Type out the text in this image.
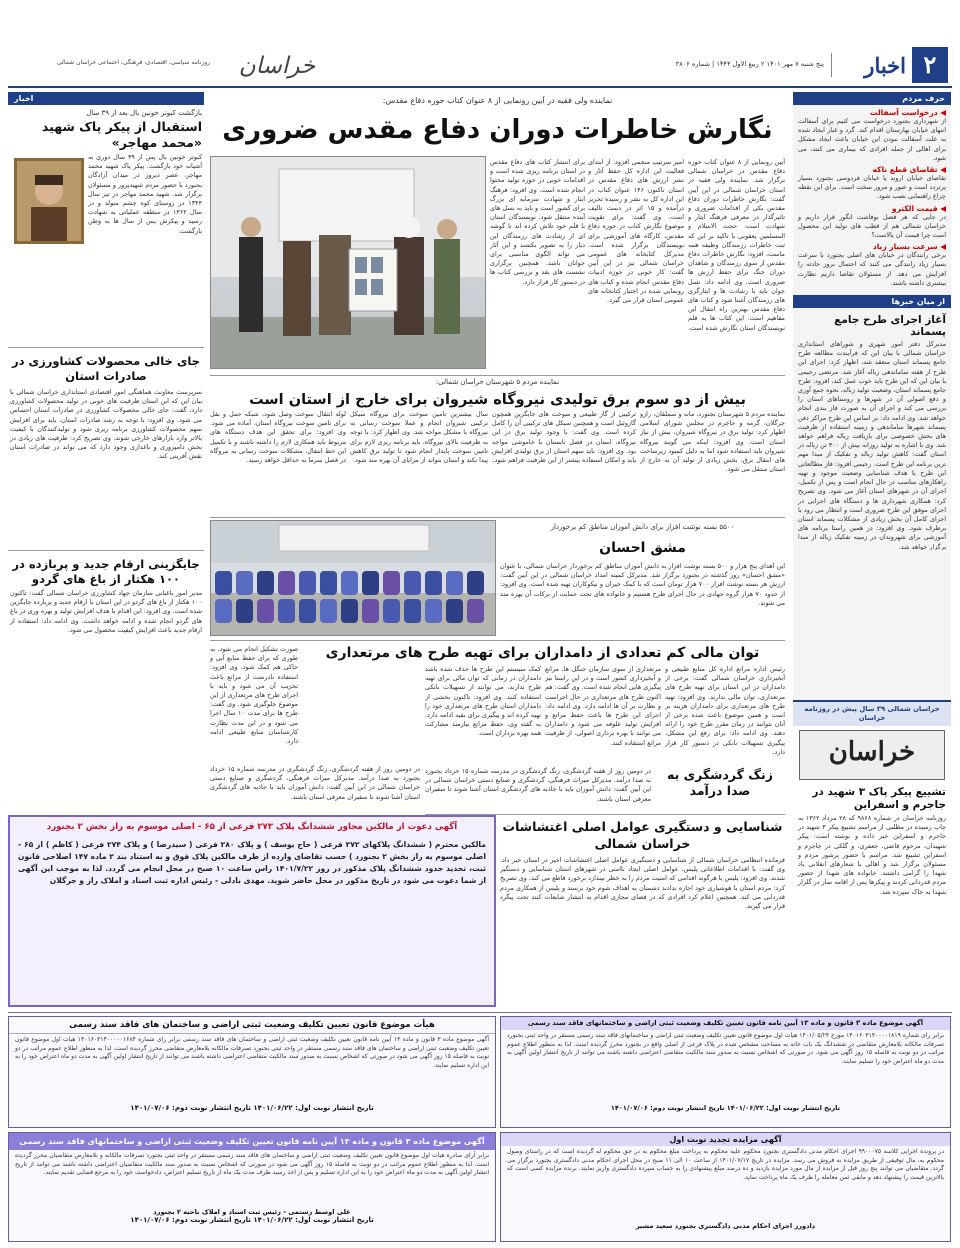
۲
اخبار
پنج شنبه ۷ مهر ۱۴۰۱ ۲ ربیع الاول ۱۴۴۴ | شماره ۳۸۰۶
خراسان
روزنامه سیاسی، اقتصادی، فرهنگی، اجتماعی خراسان شمالی
حرف مردم
◀ درخواست آسفالت
از شهرداری بجنورد درخواست می کنیم برای آسفالت انتهای خیابان بهارستان اقدام کند. گرد و غبار ایجاد شده به علت آسفالت نبودن این خیابان باعث ایجاد مشکل برای اهالی از جمله افرادی که بیماری می کنند، می شود.
◀ تقاضای قطع ناکه
تقاضای خیابان اروند یا خیابان فردوسی بجنورد بسیار پرتردد است و عبور و مرور سخت است. برای این نقطه چراغ راهنمایی نصب شود.
◀ قیمت الکترو
در جایی که هر فصل بوفاشت انگور قرار داریم و خراسان شمالی هم از قطب های تولید این محصول است چرا قیمت آن بالاست؟
◀ سرعت بسیار زیاد
برخی رانندگان در خیابان های اصلی بجنورد با سرعت بسیار زیاد رانندگی می کنند که احتمال بروز حادثه را افزایش می دهد. از مسئولان تقاضا داریم نظارت بیشتری داشته باشند.
از میان خبرها
آغاز اجرای طرح جامع پسماند
مدیرکل دفتر امور شهری و شوراهای استانداری خراسان شمالی با بیان این که فرآیندت مطالعه طرح جامع پسماند استان منعقد شد، اظهار کرد: اجرای این طرح از هفته ساماندهی زباله آغاز شد. مرتضی رحیمی با بیان این که این طرح باید خوب عمل کند، افزود: طرح جامع پسماند استان، وضعیت تولید زباله، نحوه جمع آوری و دفع اصولی آن در شهرها و روستاهای استان را بررسی می کند و اجرای آن به صورت فاز بندی انجام خواهد شد. وی ادامه داد: بر اساس این طرح مراکز دفن پسماند شهرها ساماندهی و زمینه استفاده از ظرفیت های بخش خصوصی برای بازیافت زباله فراهم خواهد شد. وی با اشاره به تولید روزانه بیش از ۳۰۰ تن زباله در استان گفت: کاهش تولید زباله و تفکیک از مبدا مهم ترین برنامه این طرح است. رحیمی افزود: فاز مطالعاتی این طرح با هدف شناسایی وضعیت موجود و تهیه راهکارهای مناسب در حال انجام است و پس از تکمیل، اجرای آن در شهرهای استان آغاز می شود. وی تصریح کرد: همکاری شهرداری ها و دستگاه های اجرایی در اجرای موفق این طرح ضروری است و انتظار می رود با اجرای کامل آن بخش زیادی از مشکلات پسماند استان برطرف شود. وی افزود: در همین راستا برنامه های آموزشی برای شهروندان در زمینه تفکیک زباله از مبدا برگزار خواهد شد.
خراسان شمالی ۳۹ سال پیش در روزنامه خراسان
خراسان
تشییع پیکر پاک ۳ شهید در جاجرم و اسفراین
روزنامه خراسان در شماره ۹۸۶۸ که ۲۸ مرداد ۱۳۶۲ به چاپ رسیده در مطلبی از مراسم تشییع پیکر ۳ شهید در جاجرم و اسفراین خبر داده و نوشته است: پیکر شهیدان، مرحوم قاضی، جعفری، و گلکی در جاجرم و اسفراین تشییع شد. مراسم با حضور پرشور مردم و مسئولان برگزار شد و اهالی با شعارهای انقلابی یاد شهدا را گرامی داشتند. خانواده های شهدا از حضور مردم قدردانی کردند و پیکرها پس از اقامه نماز در گلزار شهدا به خاک سپرده شد.
نماینده ولی فقیه در آیین رونمایی از ۸ عنوان کتاب حوزه دفاع مقدس:
نگارش خاطرات دوران دفاع مقدس ضروری
آیین رونمایی از ۸ عنوان کتاب حوزه دفاع مقدس در خراسان شمالی برگزار شد. نماینده ولی فقیه در استان خراسان شمالی در این آیین گفت: نگارش خاطرات دوران دفاع مقدس یکی از اقدامات ضروری و تاثیرگذار در معرفی فرهنگ ایثار و شهادت است. حجت الاسلام و المسلمین یعقوبی با تاکید بر این که ثبت خاطرات رزمندگان وظیفه همه ماست، افزود: نگارش خاطرات دفاع مقدس از سوی رزمندگان و شاهدان دوران جنگ برای حفظ ارزش ها ضروری است. وی ادامه داد: نسل جوان باید با رشادت ها و ایثارگری های رزمندگان آشنا شود و کتاب های دفاع مقدس بهترین راه انتقال این مفاهیم است. این کتاب ها به قلم نویسندگان استان نگارش شده است.
امیر سرتیپ منجمی افزود: از ابتدای فعالیت این اداره کل حفظ آثار و نشر ارزش های دفاع مقدس در استان تاکنون ۱۴۶ عنوان کتاب در این اداره کل به نشر و رسیده تحریر درآمده و ۱۵ اثر در دست تالیف است. وی گفت: برای تقویت موضوع نگارش کتاب در حوزه دفاع مقدس، کارگاه های آموزشی برای نویسندگان برگزار شده است. مدیرکل کتابخانه های عمومی خراسان شمالی نیز در این آیین گفت: کار خوبی در حوزه ادبیات دفاع مقدس انجام شده و کتاب های رونمایی شده در اختیار کتابخانه های عمومی استان قرار می گیرد.
برای انتشار کتاب های دفاع مقدس در استان برنامه ریزی شده است و اقدامات خوبی در حوزه تولید محتوا انجام شده است. وی افزود: فرهنگ ایثار و شهادت سرمایه ای بزرگ برای کشور است و باید به نسل های آینده منتقل شود. نویسندگان استان با قلم خود تلاش کرده اند تا گوشه ای از رشادت های رزمندگان این دیار را به تصویر بکشند و این آثار می تواند الگوی مناسبی برای جوانان باشد. همچنین برگزاری نشست های نقد و بررسی کتاب ها در دستور کار قرار دارد.
نماینده مردم ۵ شهرستان خراسان شمالی:
بیش از دو سوم برق تولیدی نیروگاه شیروان برای خارج از استان است
نماینده مردم ۵ شهرستان بجنورد، مانه و سملقان، رازو جرگلان، گرمه و جاجرم در مجلس شورای اسلامی اظهار کرد: تولید برق در نیروگاه شیروان، بیش از نیاز استان است. وی افزود: اینکه می گویند نیروگاه شیروان باید استفاده شود اما به دلیل کمبود زیرساخت های انتقال برق، بخش زیادی از تولید آن به خارج از استان منتقل می شود.
ترکیبی از گاز طبیعی و سوخت های جایگزین همچون گازوئیل است و همچنین سیکل های ترکیبی آن را کامل کرده است. وی گفت: با وجود تولید برق در این نیروگاه، استان در فصل تابستان با خاموشی مواجه بود. وی افزود: باید سهم استان از برق تولیدی افزایش یابد و امکان استفاده بیشتر از این ظرفیت فراهم شود.
سال بیشترین تامین سوخت برای نیروگاه سیکل ترکیبی شیروان انجام و عملا سوخت رسانی به نیروگاه با مشکل مواجه شد. وی اظهار کرد: با توجه به ظرفیت بالای نیروگاه، باید برنامه ریزی لازم برای تامین سوخت پایدار انجام شود تا تولید برق کاهش پیدا نکند و استان بتواند از مزایای آن بهره مند شود.
لوله انتقال سوخت وصل شود، شبکه حمل و نقل برای تامین سوخت نیروگاه استان، آماده می شود. وی افزود: برای تحقق این هدف دستگاه های مربوط باید همکاری لازم را داشته باشند و با تکمیل این خط انتقال، مشکلات سوخت رسانی به نیروگاه در فصل سرما به حداقل خواهد رسید.
۵۵۰۰ بسته نوشت افزار برای دانش آموزان مناطق کم برخوردار
مشق احسان
این اهدای پنج هزار و ۵۰۰ بسته نوشت افزار به دانش آموزان مناطق کم برخوردار خراسان شمالی، با عنوان «مشق احسان» روز گذشته در بجنورد برگزار شد. مدیرکل کمیته امداد خراسان شمالی در این آیین گفت: ارزش هر بسته نوشت افزار ۷۰۰ هزار تومان است که با کمک خیران و نیکوکاران تهیه شده است. وی افزود: از حدود ۷۰ هزار گروه جهادی در حال اجرای طرح هستیم و خانواده های تحت حمایت از برکات آن بهره مند می شوند.
توان مالی کم تعدادی از دامداران برای تهیه طرح های مرتعداری
رئیس اداره مراتع اداره کل منابع طبیعی و آبخیزداری خراسان شمالی گفت: برخی از دامداران در این استان برای تهیه طرح های مرتعداری، توان مالی ندارند. وی افزود: تهیه طرح های مرتعداری برای دامداران هزینه بر است و همین موضوع باعث شده برخی از آنان نتوانند در زمان مقرر طرح خود را ارائه دهند. وی ادامه داد: برای رفع این مشکل، پیگیری تسهیلات بانکی در دستور کار قرار دارد.
مرتعداری از سوی سازمان جنگل ها، مراتع و آبخیزداری کشور است و در این راستا نیز پیگیری هایی انجام شده است. وی گفت: هم اکنون طرح های مرتعداری در حال اجراست و نظارت بر آن ها ادامه دارد. وی ادامه داد: اجرای این طرح ها باعث حفظ مراتع و افزایش تولید علوفه می شود و دامداران می توانند با بهره برداری اصولی، از ظرفیت مراتع استفاده کنند.
کمک سیستم این طرح ها حذف شده باشد دامداران در زمانی که توان مالی برای تهیه طرح ندارند، می توانند از تسهیلات بانکی استفاده کنند. وی افزود: تاکنون بخشی از دامداران استان طرح های مرتعداری خود را تهیه کرده اند و پیگیری برای بقیه ادامه دارد. به گفته وی، حفظ مراتع نیازمند مشارکت همه بهره برداران است.
صورت تشکیل انجام می شود، به طوری که برای حفظ منابع آبی و خاکی هم کمک شود. وی افزود: استفاده نادرست از مراتع باعث تخریب آن می شود و باید با اجرای طرح های مرتعداری از این موضوع جلوگیری شود. وی گفت: طرح ها برای مدت ۱۰ سال اجرا می شود و در این مدت نظارت کارشناسان منابع طبیعی ادامه دارد.
زنگ گردشگری به صدا درآمد
در دومین روز از هفته گردشگری، زنگ گردشگری در مدرسه شماره ۱۵ خرداد بجنورد به صدا درآمد. مدیرکل میراث فرهنگی، گردشگری و صنایع دستی خراسان شمالی در این آیین گفت: دانش آموزان باید با جاذبه های گردشگری استان آشنا شوند تا سفیران معرفی استان باشند.
در دومین روز از هفته گردشگری، زنگ گردشگری در مدرسه شماره ۱۵ خرداد بجنورد به صدا درآمد. مدیرکل میراث فرهنگی، گردشگری و صنایع دستی خراسان شمالی در این آیین گفت: دانش آموزان باید با جاذبه های گردشگری استان آشنا شوند تا سفیران معرفی استان باشند.
شناسایی و دستگیری عوامل اصلی اغتشاشات خراسان شمالی
فرمانده انتظامی خراسان شمالی از شناسایی و دستگیری عوامل اصلی اغتشاشات اخیر در استان خبر داد. وی گفت: با اقدامات اطلاعاتی پلیس، عوامل اصلی ایجاد ناامنی در شهرهای استان شناسایی و دستگیر شدند. وی افزود: پلیس با هرگونه اقدامی که امنیت مردم را به خطر بیندازد برخورد قاطع می کند. وی تصریح کرد: مردم استان با هوشیاری خود اجازه ندادند دشمنان به اهداف شوم خود برسند و پلیس از همکاری مردم قدردانی می کند. همچنین اعلام کرد افرادی که در فضای مجازی اقدام به انتشار شایعات کنند تحت پیگرد قرار می گیرند.
آگهی دعوت از مالکین مجاور ششدانگ پلاک ۲۷۳ فرعی از ۶۵ - اصلی موسوم به راز بخش ۲ بجنورد
مالکین محترم ( ششدانگ پلاکهای ۲۷۲ فرعی ( حاج یوسف ) و پلاک ۲۸۰ فرعی ( سیدرضا ) و پلاک ۲۷۴ فرعی ( کاظم ) از ۶۵ - اصلی موسوم به راز بخش ۲ بجنورد ) حسب تقاضای وارده از طرف مالکین پلاک فوق و به استناد بند ۲ ماده ۱۴۷ اصلاحی قانون ثبت، تحدید حدود ششدانگ پلاک مذکور در روز ۱۴۰۱/۷/۲۲ راس ساعت ۱۰ صبح در محل انجام می گردد. لذا به موجب این آگهی از شما دعوت می شود در تاریخ مذکور در محل حاضر شوید. مهدی بادلی - رئیس اداره ثبت اسناد و املاک راز و جرگلان
اخبار
بازگشت کبوتر خونین بال بعد از ۳۹ سال
استقبال از پیکر پاک شهید «محمد مهاجر»
کبوتر خونین بال پس از ۳۹ سال دوری به آشیانه خود بازگشت. پیکر پاک شهید محمد مهاجر، عصر دیروز در میدان آزادگان بجنورد با حضور مردم شهیدپرور و مسئولان برگزار شد. شهید محمد مهاجر در تیر سال ۱۳۴۴ در روستای کوه چشم متولد و در سال ۱۳۶۲ در منطقه عملیاتی به شهادت رسید و پیکرش پس از سال ها به وطن بازگشت.
جای خالی محصولات کشاورزی در صادرات استان
سرپرست معاونت هماهنگی امور اقتصادی استانداری خراسان شمالی با بیان این که این استان ظرفیت های خوبی در تولید محصولات کشاورزی دارد، گفت: جای خالی محصولات کشاورزی در صادرات استان احساس می شود. وی افزود: با توجه به رشد صادرات استان، باید برای افزایش سهم محصولات کشاورزی برنامه ریزی شود و تولیدکنندگان با کیفیت بالاتر وارد بازارهای خارجی شوند. وی تصریح کرد: ظرفیت های زیادی در بخش دامپروری و باغداری وجود دارد که می تواند در صادرات استان نقش آفرینی کند.
جایگزینی ارقام جدید و پربازده در ۱۰۰ هکتار از باغ های گردو
مدیر امور باغبانی سازمان جهاد کشاورزی خراسان شمالی گفت: تاکنون ۱۰۰ هکتار از باغ های گردو در این استان با ارقام جدید و پربازده جایگزین شده است. وی افزود: این اقدام با هدف افزایش تولید و بهره وری در باغ های گردو انجام شده و ادامه خواهد داشت. وی ادامه داد: استفاده از ارقام جدید باعث افزایش کیفیت محصول می شود.
هیأت موضوع قانون تعیین تکلیف وضعیت ثبتی اراضی و ساختمان های فاقد سند رسمی
آگهی موضوع ماده ۳ قانون و ماده ۱۳ آیین نامه قانون تعیین تکلیف وضعیت ثبتی اراضی و ساختمان های فاقد سند رسمی برابر رای شماره ۱۴۰۱۶۰۳۱۴۰۰۰۰۰۱۶۸۴ هیات اول موضوع قانون تعیین تکلیف وضعیت ثبتی اراضی و ساختمان های فاقد سند رسمی مستقر در واحد ثبتی بجنورد تصرفات مالکانه بلامعارض متقاضی محرز گردیده است. لذا به منظور اطلاع عموم مراتب در دو نوبت به فاصله ۱۵ روز آگهی می شود در صورتی که اشخاص نسبت به صدور سند مالکیت متقاضی اعتراضی داشته باشند می توانند از تاریخ انتشار اولین آگهی به مدت دو ماه اعتراض خود را به این اداره تسلیم نمایند.
تاریخ انتشار نوبت اول: ۱۴۰۱/۰۶/۲۲ تاریخ انتشار نوبت دوم: ۱۴۰۱/۰۷/۰۶
آگهی موضوع ماده ۳ قانون و ماده ۱۳ آیین نامه قانون تعیین تکلیف وضعیت ثبتی اراضی و ساختمانهای فاقد سند رسمی
برابر آرای صادره هیات اول موضوع قانون تعیین تکلیف وضعیت ثبتی اراضی و ساختمان های فاقد سند رسمی مستقر در واحد ثبتی بجنورد تصرفات مالکانه و بلامعارض متقاضیان محرز گردیده است. لذا به منظور اطلاع عموم مراتب در دو نوبت به فاصله ۱۵ روز آگهی می شود در صورتی که اشخاص نسبت به صدور سند مالکیت متقاضیان اعتراضی داشته باشند می توانند از تاریخ انتشار اولین آگهی به مدت دو ماه اعتراض خود را به این اداره تسلیم و پس از اخذ رسید ظرف مدت یک ماه از تاریخ تسلیم اعتراض، دادخواست خود را به مرجع قضایی تقدیم نمایند.
علی اوسط رستمی - رئیس ثبت اسناد و املاک ناحیه ۲ بجنورد
تاریخ انتشار نوبت اول: ۱۴۰۱/۰۶/۲۲ تاریخ انتشار نوبت دوم: ۱۴۰۱/۰۷/۰۶
آگهی موضوع ماده ۳ قانون و ماده ۱۳ آیین نامه قانون تعیین تکلیف وضعیت ثبتی اراضی و ساختمانهای فاقد سند رسمی
برابر رای شماره ۱۴۰۱۶۰۳۱۴۰۰۰۰۱۸۱۹ مورخ ۱۴۰۱/۰۵/۲۴ هیات اول موضوع قانون تعیین تکلیف وضعیت ثبتی اراضی و ساختمانهای فاقد سند رسمی مستقر در واحد ثبتی بجنورد تصرفات مالکانه بلامعارض متقاضی در ششدانگ یک باب خانه به مساحت مشخص شده در پلاک فرعی از اصلی واقع در بجنورد محرز گردیده است. لذا به منظور اطلاع عموم مراتب در دو نوبت به فاصله ۱۵ روز آگهی می شود. در صورتی که اشخاص نسبت به صدور سند مالکیت متقاضی اعتراضی داشته باشند می توانند از تاریخ انتشار اولین آگهی به مدت دو ماه اعتراض خود را تسلیم نمایند.
تاریخ انتشار نوبت اول: ۱۴۰۱/۰۶/۲۲ تاریخ انتشار نوبت دوم: ۱۴۰۱/۰۷/۰۶
آگهی مزایده تجدید نوبت اول
در پرونده اجرایی کلاسه ۹۹۰۰۰۷۵ اجرای احکام مدنی دادگستری بجنورد محکوم علیه محکوم به پرداخت مبلغ محکوم به در حق محکوم له گردیده است که در راستای وصول محکوم به، مال توقیفی از طریق مزایده به فروش می رسد. مزایده در تاریخ ۱۴۰۱/۰۷/۱۷ از ساعت ۱۰ الی ۱۱ صبح در محل اجرای احکام مدنی دادگستری بجنورد برگزار می گردد. متقاضیان می توانند پنج روز قبل از مزایده از مال مورد مزایده بازدید و ده درصد مبلغ پیشنهادی را به حساب سپرده دادگستری واریز نمایند. برنده مزایده کسی است که بالاترین قیمت را پیشنهاد دهد و مابقی ثمن معامله را ظرف یک ماه پرداخت نماید.
دادورز اجرای احکام مدنی دادگستری بجنورد سعید مشیر
